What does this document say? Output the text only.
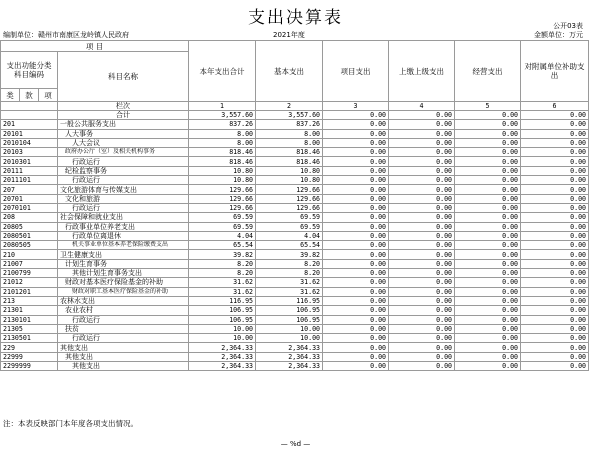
支出决算表	公开03表
编制单位：赣州市南康区龙岭镇人民政府	2021年度	金额单位：万元
项 目				本年支出合计	基本支出	项目支出	上缴上级支出	经营支出	对附属单位补助支出
支出功能分类科目编码			科目名称						
类	款	项							
			栏次	1	2	3	4	5	6
			合计	3,557.60	3,557.60	0.00	0.00	0.00	0.00
201			一般公共服务支出	837.26	837.26	0.00	0.00	0.00	0.00
20101			人大事务	8.00	8.00	0.00	0.00	0.00	0.00
2010104			人大会议	8.00	8.00	0.00	0.00	0.00	0.00
20103			政府办公厅（室）及相关机构事务	818.46	818.46	0.00	0.00	0.00	0.00
2010301			行政运行	818.46	818.46	0.00	0.00	0.00	0.00
20111			纪检监察事务	10.80	10.80	0.00	0.00	0.00	0.00
2011101			行政运行	10.80	10.80	0.00	0.00	0.00	0.00
207			文化旅游体育与传媒支出	129.66	129.66	0.00	0.00	0.00	0.00
20701			文化和旅游	129.66	129.66	0.00	0.00	0.00	0.00
2070101			行政运行	129.66	129.66	0.00	0.00	0.00	0.00
208			社会保障和就业支出	69.59	69.59	0.00	0.00	0.00	0.00
20805			行政事业单位养老支出	69.59	69.59	0.00	0.00	0.00	0.00
2080501			行政单位离退休	4.04	4.04	0.00	0.00	0.00	0.00
2080505			机关事业单位基本养老保险缴费支出	65.54	65.54	0.00	0.00	0.00	0.00
210			卫生健康支出	39.82	39.82	0.00	0.00	0.00	0.00
21007			计划生育事务	8.20	8.20	0.00	0.00	0.00	0.00
2100799			其他计划生育事务支出	8.20	8.20	0.00	0.00	0.00	0.00
21012			财政对基本医疗保险基金的补助	31.62	31.62	0.00	0.00	0.00	0.00
2101201			财政对职工基本医疗保险基金的补助	31.62	31.62	0.00	0.00	0.00	0.00
213			农林水支出	116.95	116.95	0.00	0.00	0.00	0.00
21301			农业农村	106.95	106.95	0.00	0.00	0.00	0.00
2130101			行政运行	106.95	106.95	0.00	0.00	0.00	0.00
21305			扶贫	10.00	10.00	0.00	0.00	0.00	0.00
2130501			行政运行	10.00	10.00	0.00	0.00	0.00	0.00
229			其他支出	2,364.33	2,364.33	0.00	0.00	0.00	0.00
22999			其他支出	2,364.33	2,364.33	0.00	0.00	0.00	0.00
2299999			其他支出	2,364.33	2,364.33	0.00	0.00	0.00	0.00
注：本表反映部门本年度各项支出情况。
— %d —
